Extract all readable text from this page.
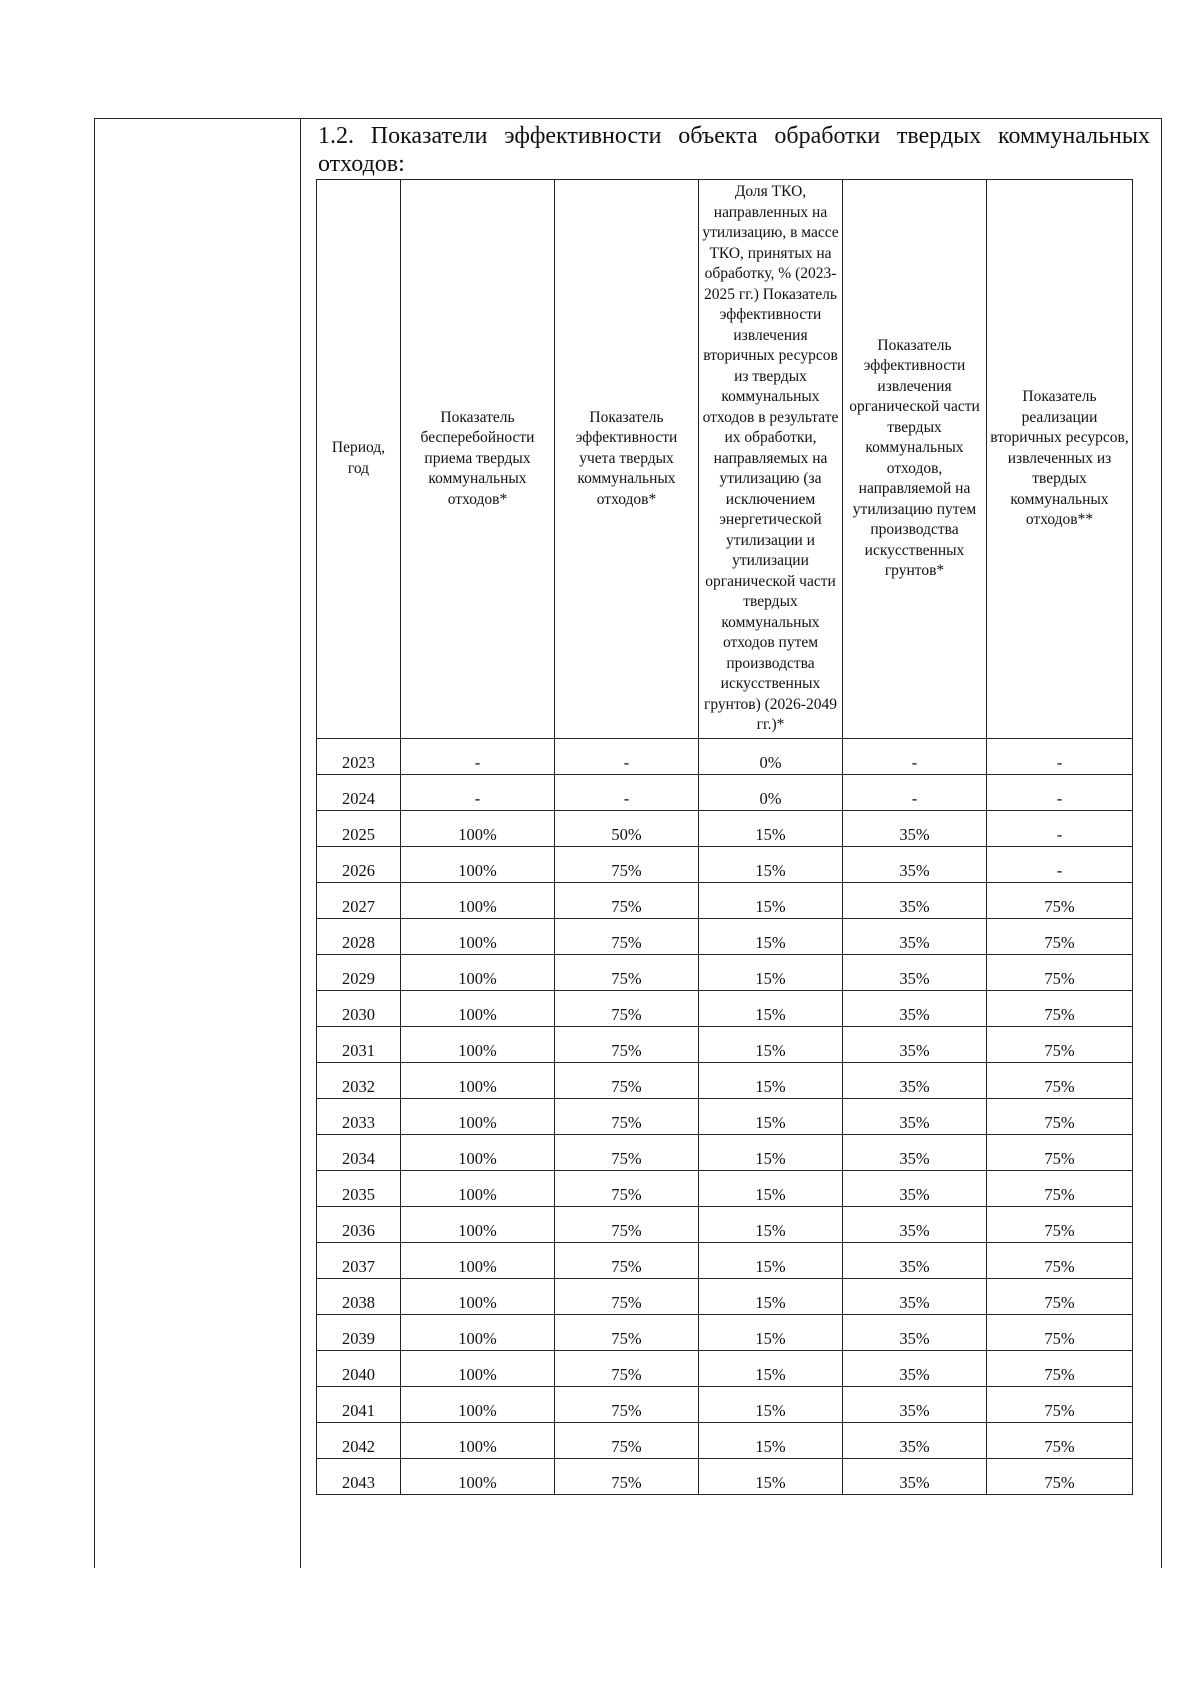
1.2. Показатели эффективности объекта обработки твердых коммунальных отходов:
Период, год	Показатель бесперебойности приема твердых коммунальных отходов*	Показатель эффективности учета твердых коммунальных отходов*	Доля ТКО, направленных на утилизацию, в массе ТКО, принятых на обработку, % (2023-2025 гг.) Показатель эффективности извлечения вторичных ресурсов из твердых коммунальных отходов в результате их обработки, направляемых на утилизацию (за исключением энергетической утилизации и утилизации органической части твердых коммунальных отходов путем производства искусственных грунтов) (2026-2049 гг.)*	Показатель эффективности извлечения органической части твердых коммунальных отходов, направляемой на утилизацию путем производства искусственных грунтов*	Показатель реализации вторичных ресурсов, извлеченных из твердых коммунальных отходов**
2023	-	-	0%	-	-
2024	-	-	0%	-	-
2025	100%	50%	15%	35%	-
2026	100%	75%	15%	35%	-
2027	100%	75%	15%	35%	75%
2028	100%	75%	15%	35%	75%
2029	100%	75%	15%	35%	75%
2030	100%	75%	15%	35%	75%
2031	100%	75%	15%	35%	75%
2032	100%	75%	15%	35%	75%
2033	100%	75%	15%	35%	75%
2034	100%	75%	15%	35%	75%
2035	100%	75%	15%	35%	75%
2036	100%	75%	15%	35%	75%
2037	100%	75%	15%	35%	75%
2038	100%	75%	15%	35%	75%
2039	100%	75%	15%	35%	75%
2040	100%	75%	15%	35%	75%
2041	100%	75%	15%	35%	75%
2042	100%	75%	15%	35%	75%
2043	100%	75%	15%	35%	75%
